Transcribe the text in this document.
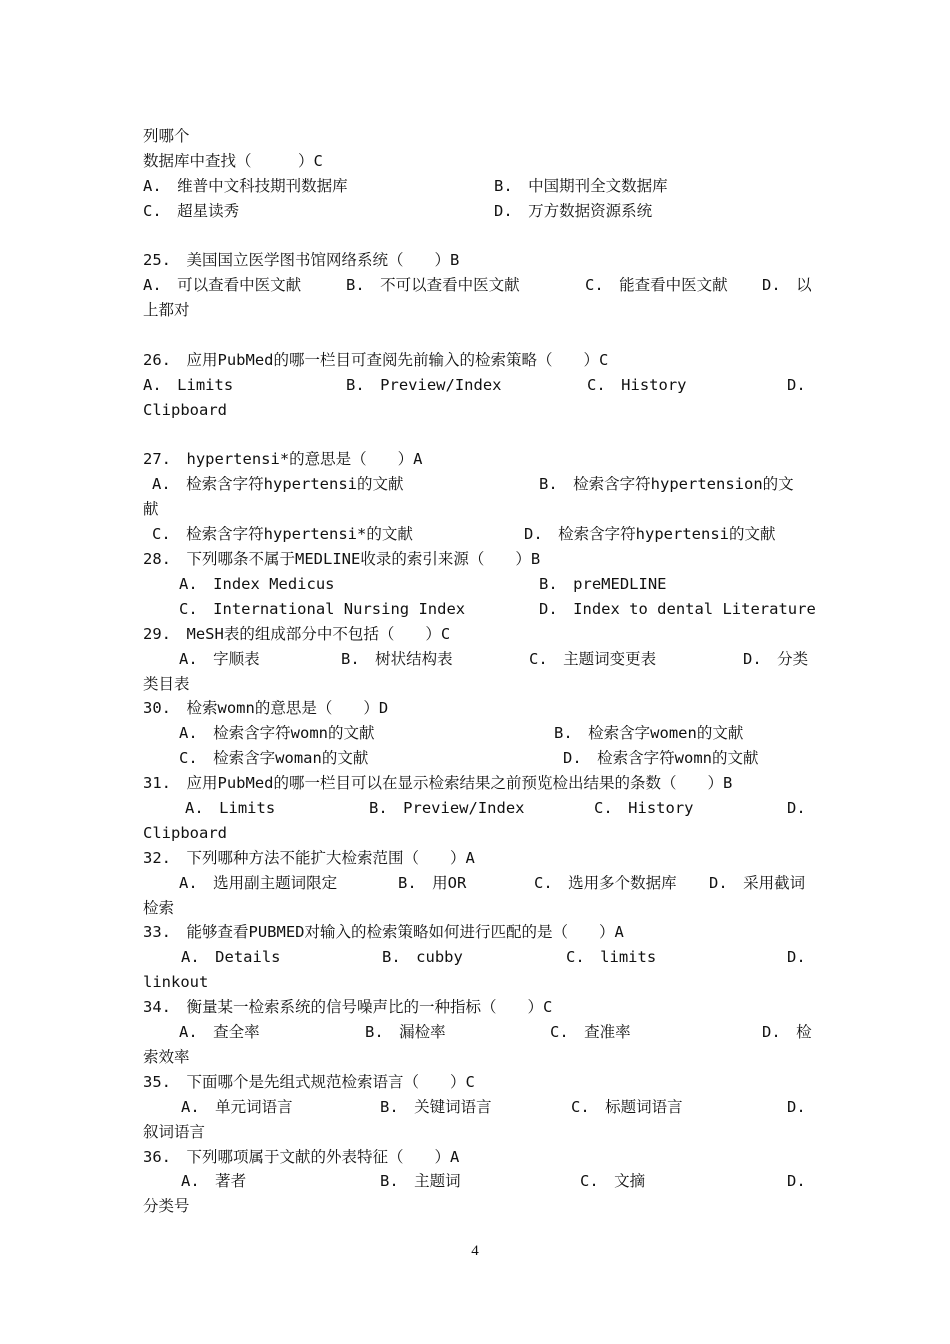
列哪个
数据库中查找（　　　）C
A.　维普中文科技期刊数据库	B.　中国期刊全文数据库
C.　超星读秀	D.　万方数据资源系统
25.　美国国立医学图书馆网络系统（　　）B
A.　可以查看中医文献	B.　不可以查看中医文献	C.　能查看中医文献 D.　以
上都对
26.　应用PubMed的哪一栏目可查阅先前输入的检索策略（　　）C
A.　Limits	B.　Preview/Index	C.　History	D.
Clipboard
27.　hypertensi*的意思是（　　）A
A.　检索含字符hypertensi的文献	B.　检索含字符hypertension的文
献
C.　检索含字符hypertensi*的文献	D.　检索含字符hypertensi的文献
28.　下列哪条不属于MEDLINE收录的索引来源（　　）B
A.　Index Medicus	B.　preMEDLINE
C.　International Nursing Index	D.　Index to dental Literature
29.　MeSH表的组成部分中不包括（　　）C
A.　字顺表	B.　树状结构表	C.　主题词变更表	D.　分类
类目表
30.　检索womn的意思是（　　）D
A.　检索含字符womn的文献	B.　检索含字women的文献
C.　检索含字woman的文献	D.　检索含字符womn的文献
31.　应用PubMed的哪一栏目可以在显示检索结果之前预览检出结果的条数（　　）B
A.　Limits	B.　Preview/Index	C.　History	D.
Clipboard
32.　下列哪种方法不能扩大检索范围（　　）A
A.　选用副主题词限定	B.　用OR	C.　选用多个数据库 D.　采用截词
检索
33.　能够查看PUBMED对输入的检索策略如何进行匹配的是（　　）A
A.　Details	B.　cubby	C.　limits	D.
linkout
34.　衡量某一检索系统的信号噪声比的一种指标（　　）C
A.　查全率	B.　漏检率	C.　查准率	D.　检
索效率
35.　下面哪个是先组式规范检索语言（　　）C
A.　单元词语言	B.　关键词语言	C.　标题词语言	D.
叙词语言
36.　下列哪项属于文献的外表特征（　　）A
A.　著者	B.　主题词	C.　文摘	D.
分类号
4
